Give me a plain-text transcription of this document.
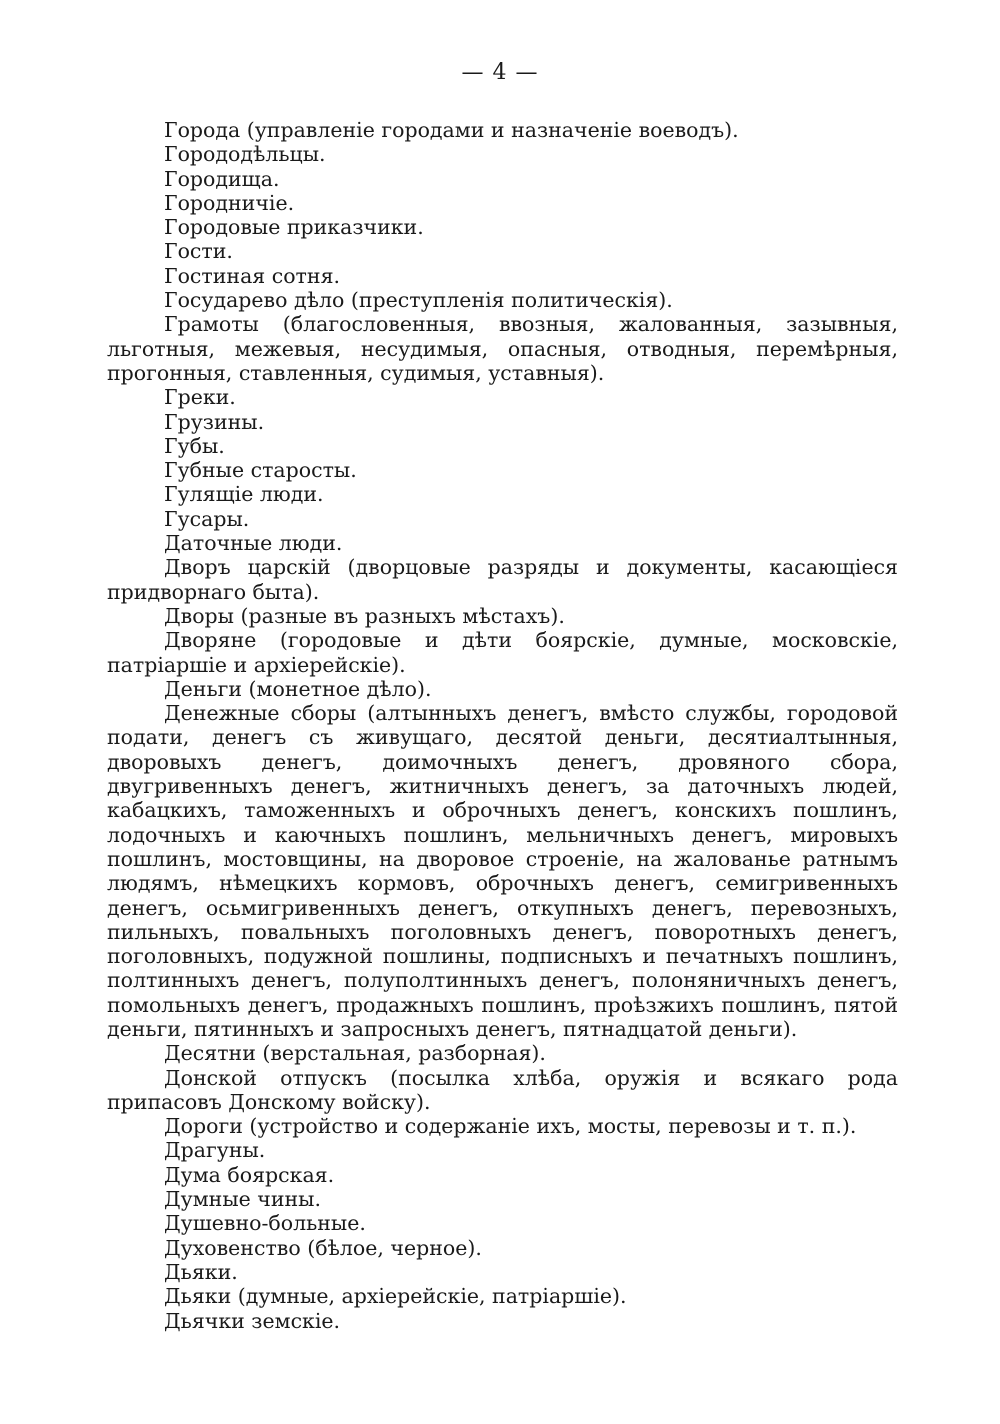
— 4 —
Города (управленіе городами и назначеніе воеводъ).
Горододѣльцы.
Городища.
Городничіе.
Городовые приказчики.
Гости.
Гостиная сотня.
Государево дѣло (преступленія политическія).
Грамоты (благословенныя, ввозныя, жалованныя, зазывныя, льготныя, межевыя, несудимыя, опасныя, отводныя, перемѣрныя, прогонныя, ставленныя, судимыя, уставныя).
Греки.
Грузины.
Губы.
Губные старосты.
Гулящіе люди.
Гусары.
Даточные люди.
Дворъ царскій (дворцовые разряды и документы, касающіеся придворнаго быта).
Дворы (разные въ разныхъ мѣстахъ).
Дворяне (городовые и дѣти боярскіе, думные, московскіе, патріаршіе и архіерейскіе).
Деньги (монетное дѣло).
Денежные сборы (алтынныхъ денегъ, вмѣсто службы, городовой подати, денегъ съ живущаго, десятой деньги, десятиалтынныя, дворовыхъ денегъ, доимочныхъ денегъ, дровяного сбора, двугривенныхъ денегъ, житничныхъ денегъ, за даточныхъ людей, кабацкихъ, таможенныхъ и оброчныхъ денегъ, конскихъ пошлинъ, лодочныхъ и каючныхъ пошлинъ, мельничныхъ денегъ, мировыхъ пошлинъ, мостовщины, на дворовое строеніе, на жалованье ратнымъ людямъ, нѣмецкихъ кормовъ, оброчныхъ денегъ, семигривенныхъ денегъ, осьмигривенныхъ денегъ, откупныхъ денегъ, перевозныхъ, пильныхъ, повальныхъ поголовныхъ денегъ, поворотныхъ денегъ, поголовныхъ, подужной пошлины, подписныхъ и печатныхъ пошлинъ, полтинныхъ денегъ, полуполтинныхъ денегъ, полоняничныхъ денегъ, помольныхъ денегъ, продажныхъ пошлинъ, проѣзжихъ пошлинъ, пятой деньги, пятинныхъ и запросныхъ денегъ, пятнадцатой деньги).
Десятни (верстальная, разборная).
Донской отпускъ (посылка хлѣба, оружія и всякаго рода припасовъ Донскому войску).
Дороги (устройство и содержаніе ихъ, мосты, перевозы и т. п.).
Драгуны.
Дума боярская.
Думные чины.
Душевно-больные.
Духовенство (бѣлое, черное).
Дьяки.
Дьяки (думные, архіерейскіе, патріаршіе).
Дьячки земскіе.
